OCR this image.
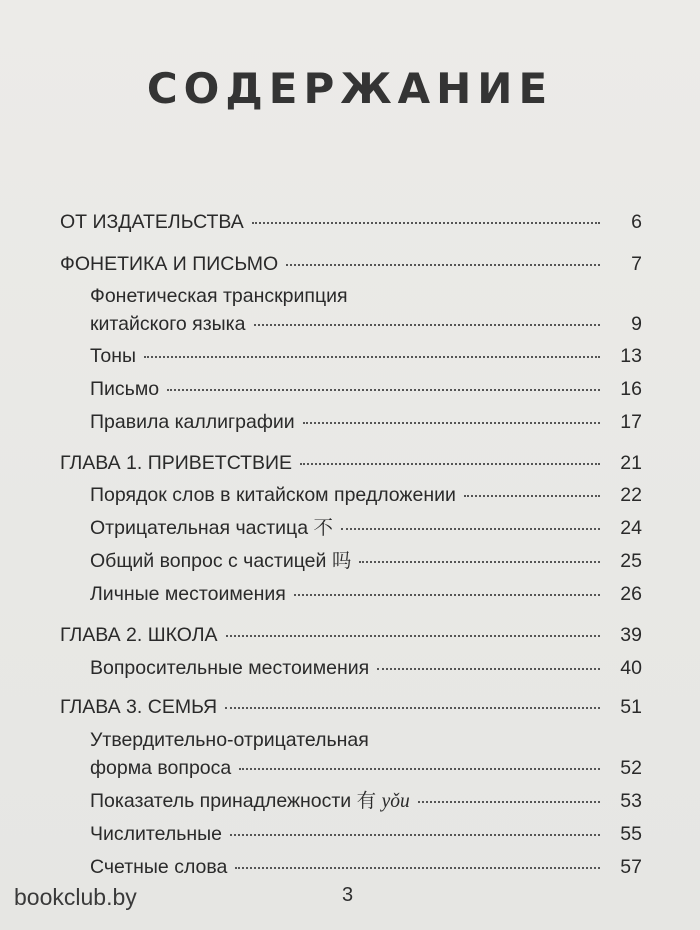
СОДЕРЖАНИЕ
ОТ ИЗДАТЕЛЬСТВА	6
ФОНЕТИКА И ПИСЬМО	7
Фонетическая транскрипция
китайского языка	9
Тоны	13
Письмо	16
Правила каллиграфии	17
ГЛАВА 1. ПРИВЕТСТВИЕ	21
Порядок слов в китайском предложении	22
Отрицательная частица 不	24
Общий вопрос с частицей 吗	25
Личные местоимения	26
ГЛАВА 2. ШКОЛА	39
Вопросительные местоимения	40
ГЛАВА 3. СЕМЬЯ	51
Утвердительно-отрицательная
форма вопроса	52
Показатель принадлежности 有 yǒu	53
Числительные	55
Счетные слова	57
3
bookclub.by
